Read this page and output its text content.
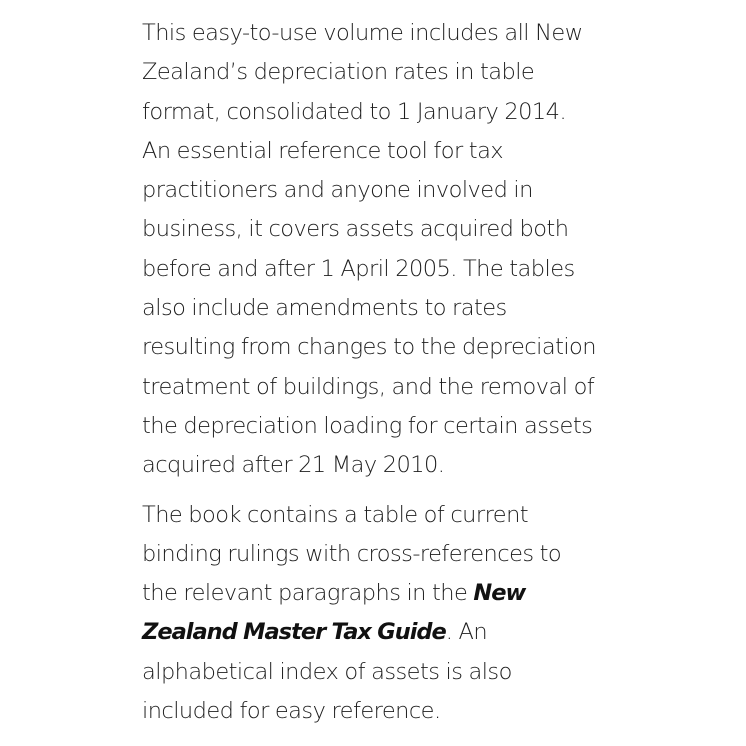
This easy-to-use volume includes all New
Zealand’s depreciation rates in table
format, consolidated to 1 January 2014.
An essential reference tool for tax
practitioners and anyone involved in
business, it covers assets acquired both
before and after 1 April 2005. The tables
also include amendments to rates
resulting from changes to the depreciation
treatment of buildings, and the removal of
the depreciation loading for certain assets
acquired after 21 May 2010.

The book contains a table of current
binding rulings with cross-references to
the relevant paragraphs in the New
Zealand Master Tax Guide. An
alphabetical index of assets is also
included for easy reference.
